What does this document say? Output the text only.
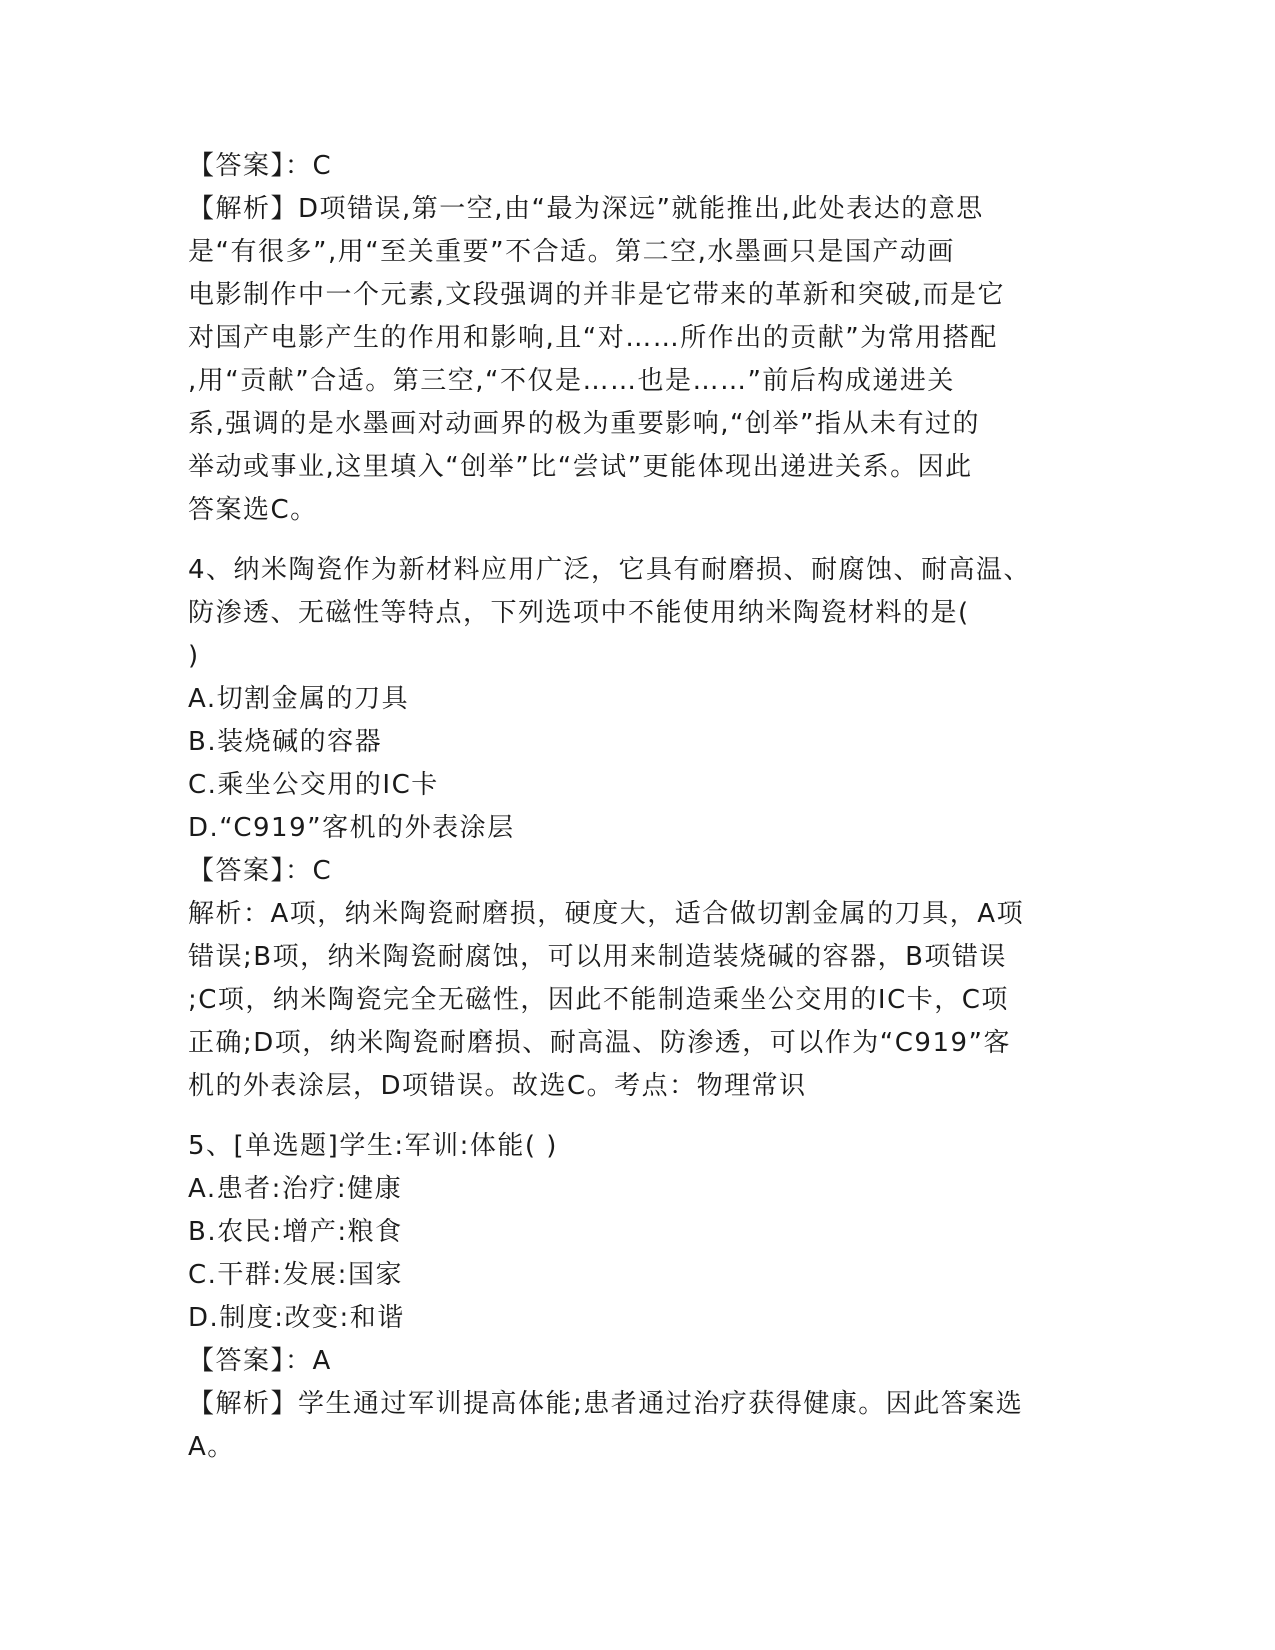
【答案】：C
【解析】D项错误,第一空,由“最为深远”就能推出,此处表达的意思
是“有很多”,用“至关重要”不合适。第二空,水墨画只是国产动画
电影制作中一个元素,文段强调的并非是它带来的革新和突破,而是它
对国产电影产生的作用和影响,且“对……所作出的贡献”为常用搭配
,用“贡献”合适。第三空,“不仅是……也是……”前后构成递进关
系,强调的是水墨画对动画界的极为重要影响,“创举”指从未有过的
举动或事业,这里填入“创举”比“尝试”更能体现出递进关系。因此
答案选C。
4、纳米陶瓷作为新材料应用广泛，它具有耐磨损、耐腐蚀、耐高温、
防渗透、无磁性等特点，下列选项中不能使用纳米陶瓷材料的是(
)
A.切割金属的刀具
B.装烧碱的容器
C.乘坐公交用的IC卡
D.“C919”客机的外表涂层
【答案】：C
解析：A项，纳米陶瓷耐磨损，硬度大，适合做切割金属的刀具，A项
错误;B项，纳米陶瓷耐腐蚀，可以用来制造装烧碱的容器，B项错误
;C项，纳米陶瓷完全无磁性，因此不能制造乘坐公交用的IC卡，C项
正确;D项，纳米陶瓷耐磨损、耐高温、防渗透，可以作为“C919”客
机的外表涂层，D项错误。故选C。考点：物理常识
5、[单选题]学生:军训:体能( )
A.患者:治疗:健康
B.农民:增产:粮食
C.干群:发展:国家
D.制度:改变:和谐
【答案】：A
【解析】学生通过军训提高体能;患者通过治疗获得健康。因此答案选
A。
